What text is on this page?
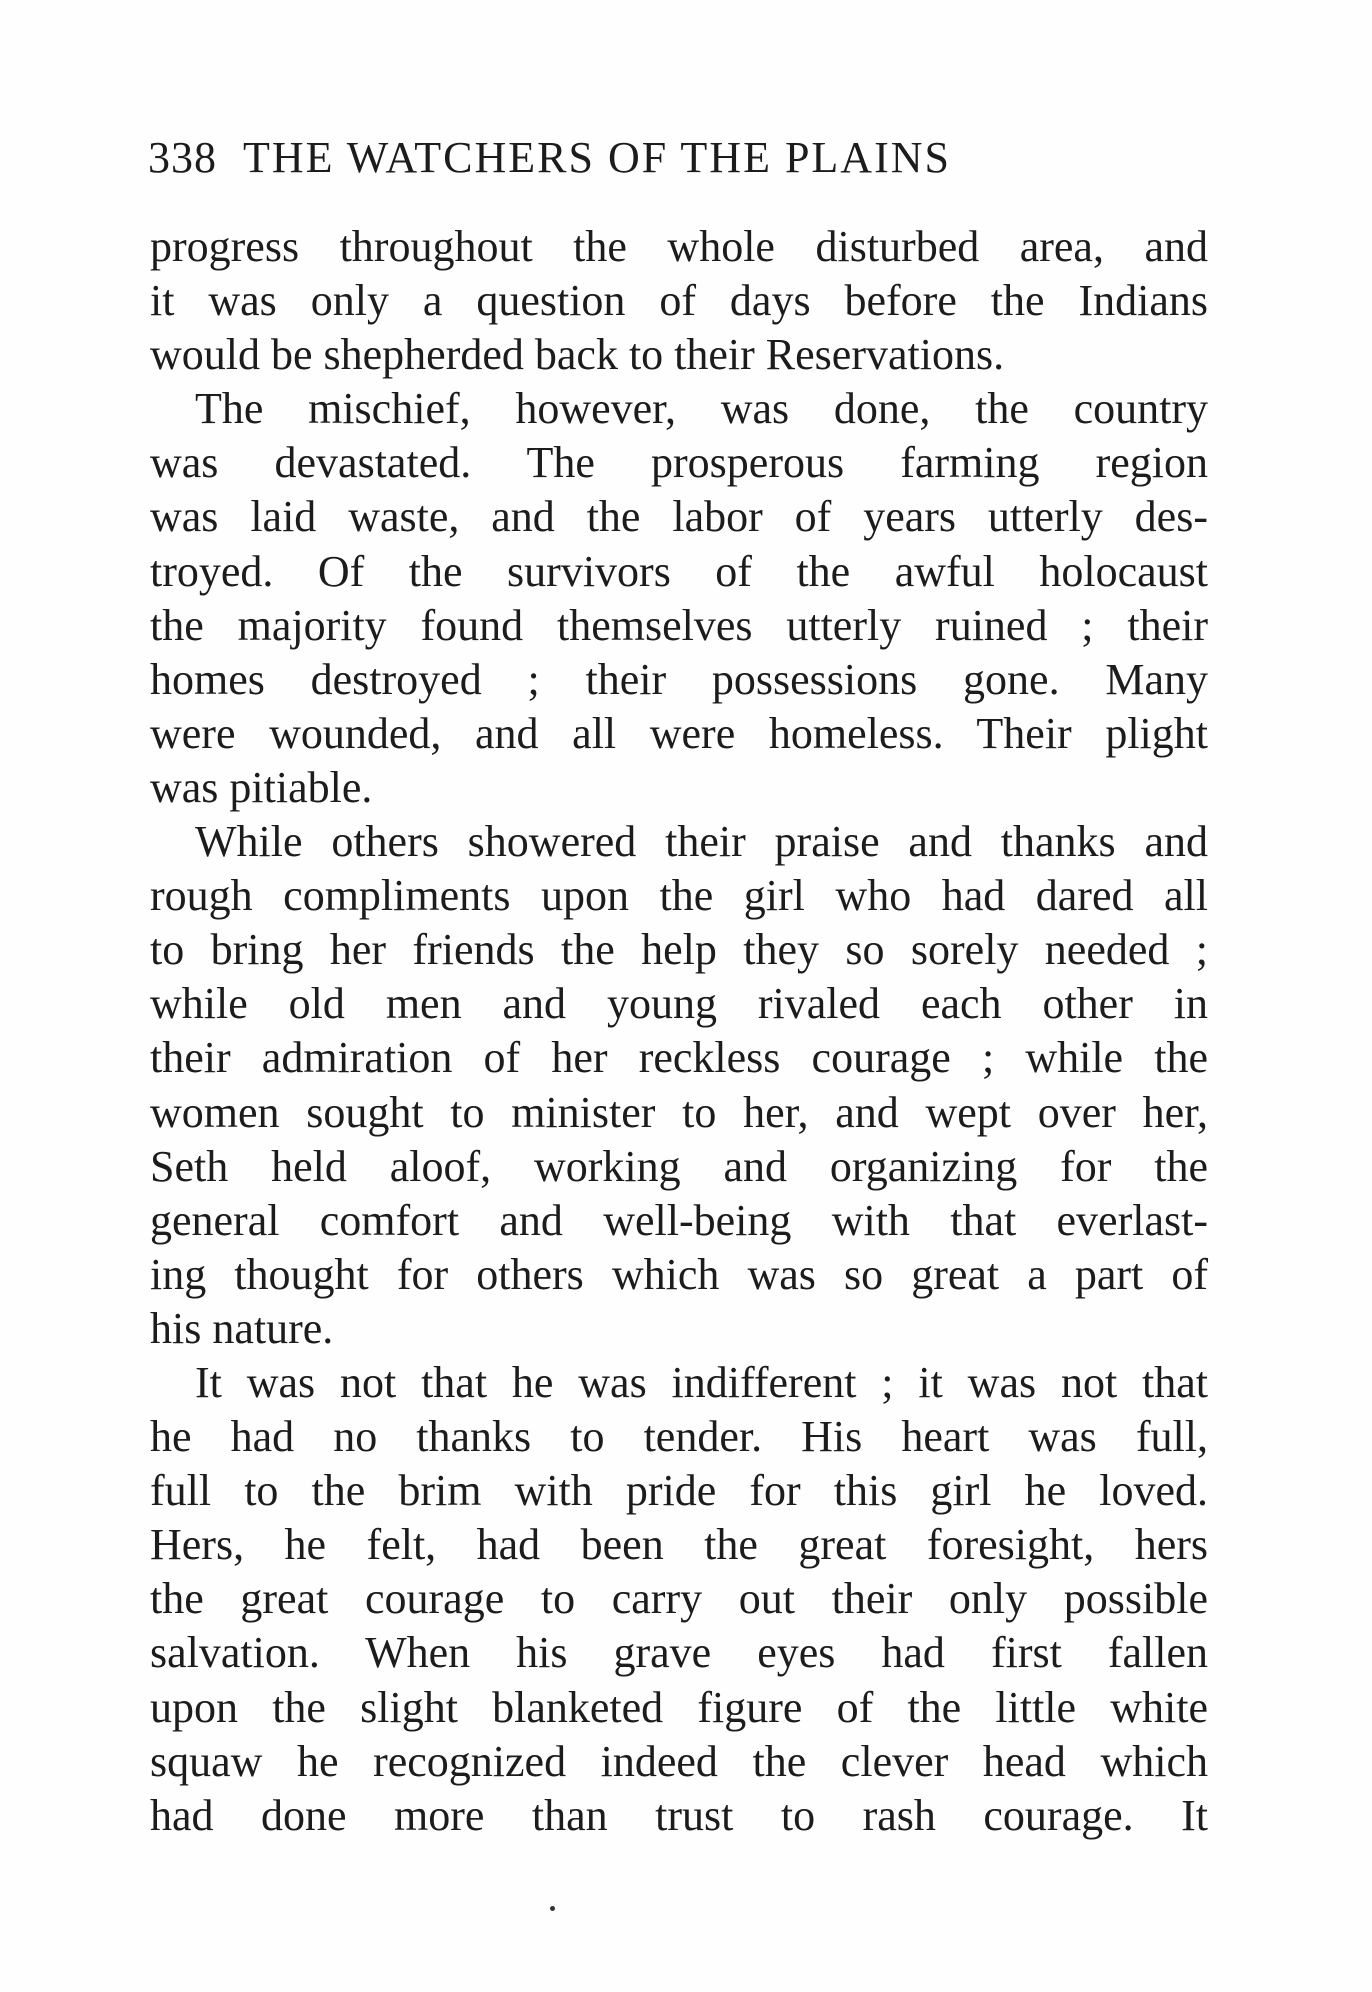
338 THE WATCHERS OF THE PLAINS
progress throughout the whole disturbed area, and
it was only a question of days before the Indians
would be shepherded back to their Reservations.
The mischief, however, was done, the country
was devastated. The prosperous farming region
was laid waste, and the labor of years utterly des-
troyed. Of the survivors of the awful holocaust
the majority found themselves utterly ruined ; their
homes destroyed ; their possessions gone. Many
were wounded, and all were homeless. Their plight
was pitiable.
While others showered their praise and thanks and
rough compliments upon the girl who had dared all
to bring her friends the help they so sorely needed ;
while old men and young rivaled each other in
their admiration of her reckless courage ; while the
women sought to minister to her, and wept over her,
Seth held aloof, working and organizing for the
general comfort and well-being with that everlast-
ing thought for others which was so great a part of
his nature.
It was not that he was indifferent ; it was not that
he had no thanks to tender. His heart was full,
full to the brim with pride for this girl he loved.
Hers, he felt, had been the great foresight, hers
the great courage to carry out their only possible
salvation. When his grave eyes had first fallen
upon the slight blanketed figure of the little white
squaw he recognized indeed the clever head which
had done more than trust to rash courage. It
